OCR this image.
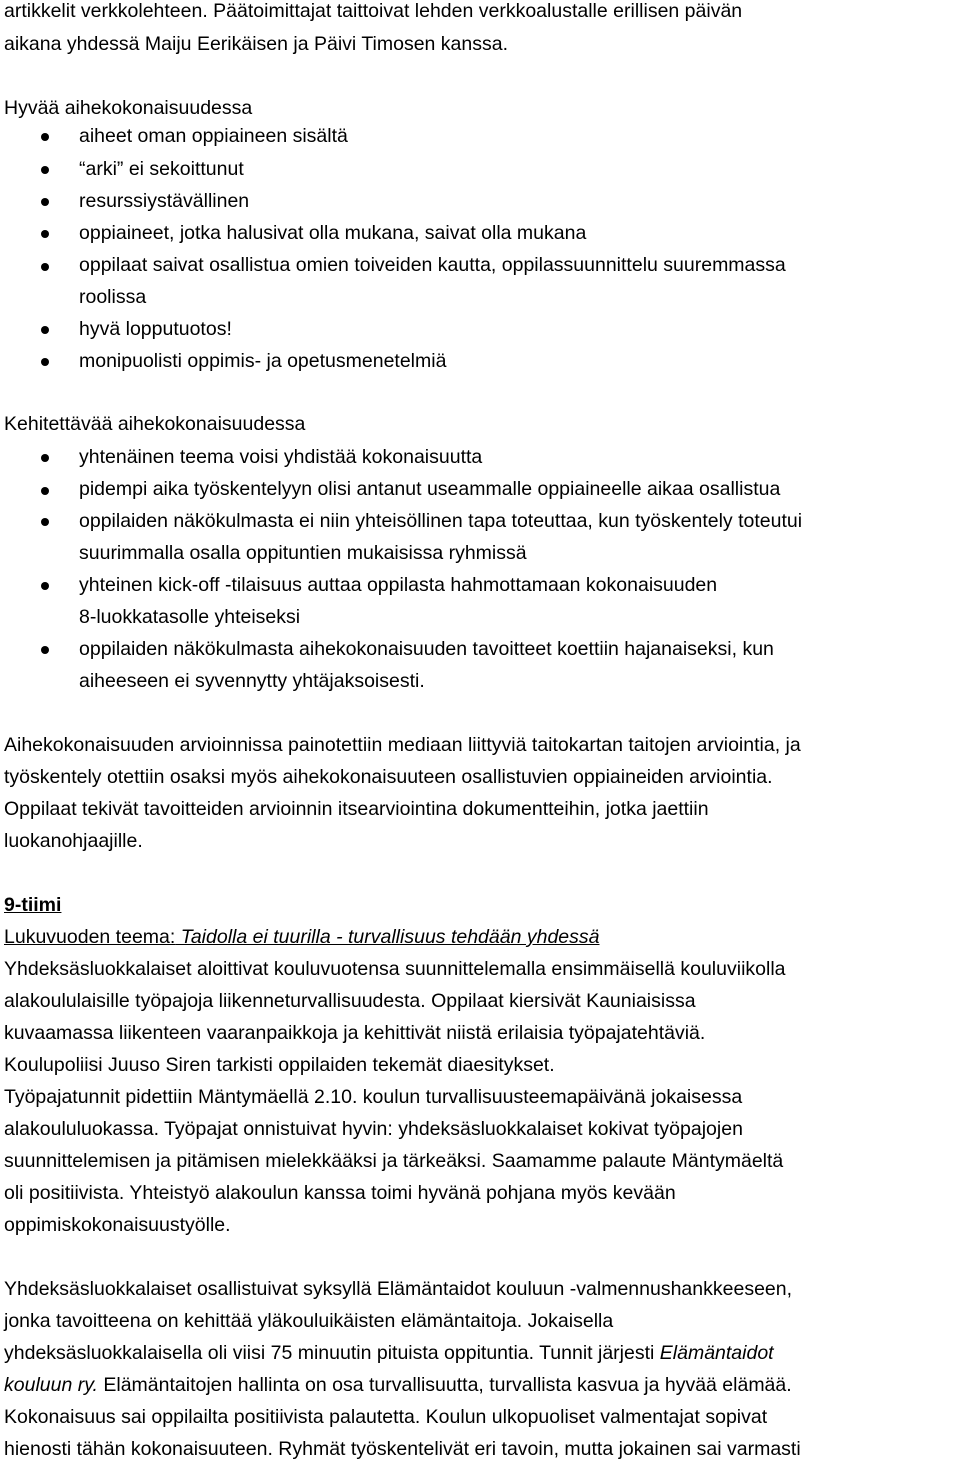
artikkelit verkkolehteen. Päätoimittajat taittoivat lehden verkkoalustalle erillisen päivän
aikana yhdessä Maiju Eerikäisen ja Päivi Timosen kanssa.
Hyvää aihekokonaisuudessa
aiheet oman oppiaineen sisältä
“arki” ei sekoittunut
resurssiystävällinen
oppiaineet, jotka halusivat olla mukana, saivat olla mukana
oppilaat saivat osallistua omien toiveiden kautta, oppilassuunnittelu suuremmassa
roolissa
hyvä lopputuotos!
monipuolisti oppimis- ja opetusmenetelmiä
Kehitettävää aihekokonaisuudessa
yhtenäinen teema voisi yhdistää kokonaisuutta
pidempi aika työskentelyyn olisi antanut useammalle oppiaineelle aikaa osallistua
oppilaiden näkökulmasta ei niin yhteisöllinen tapa toteuttaa, kun työskentely toteutui
suurimmalla osalla oppituntien mukaisissa ryhmissä
yhteinen kick-off -tilaisuus auttaa oppilasta hahmottamaan kokonaisuuden
8-luokkatasolle yhteiseksi
oppilaiden näkökulmasta aihekokonaisuuden tavoitteet koettiin hajanaiseksi, kun
aiheeseen ei syvennytty yhtäjaksoisesti.
Aihekokonaisuuden arvioinnissa painotettiin mediaan liittyviä taitokartan taitojen arviointia, ja
työskentely otettiin osaksi myös aihekokonaisuuteen osallistuvien oppiaineiden arviointia.
Oppilaat tekivät tavoitteiden arvioinnin itsearviointina dokumentteihin, jotka jaettiin
luokanohjaajille.
9-tiimi
Lukuvuoden teema: Taidolla ei tuurilla - turvallisuus tehdään yhdessä
Yhdeksäsluokkalaiset aloittivat kouluvuotensa suunnittelemalla ensimmäisellä kouluviikolla
alakoululaisille työpajoja liikenneturvallisuudesta. Oppilaat kiersivät Kauniaisissa
kuvaamassa liikenteen vaaranpaikkoja ja kehittivät niistä erilaisia työpajatehtäviä.
Koulupoliisi Juuso Siren tarkisti oppilaiden tekemät diaesitykset.
Työpajatunnit pidettiin Mäntymäellä 2.10. koulun turvallisuusteemapäivänä jokaisessa
alakoululuokassa. Työpajat onnistuivat hyvin: yhdeksäsluokkalaiset kokivat työpajojen
suunnittelemisen ja pitämisen mielekkääksi ja tärkeäksi. Saamamme palaute Mäntymäeltä
oli positiivista. Yhteistyö alakoulun kanssa toimi hyvänä pohjana myös kevään
oppimiskokonaisuustyölle.
Yhdeksäsluokkalaiset osallistuivat syksyllä Elämäntaidot kouluun -valmennushankkeeseen,
jonka tavoitteena on kehittää yläkouluikäisten elämäntaitoja. Jokaisella
yhdeksäsluokkalaisella oli viisi 75 minuutin pituista oppituntia. Tunnit järjesti Elämäntaidot
kouluun ry. Elämäntaitojen hallinta on osa turvallisuutta, turvallista kasvua ja hyvää elämää.
Kokonaisuus sai oppilailta positiivista palautetta. Koulun ulkopuoliset valmentajat sopivat
hienosti tähän kokonaisuuteen. Ryhmät työskentelivät eri tavoin, mutta jokainen sai varmasti
